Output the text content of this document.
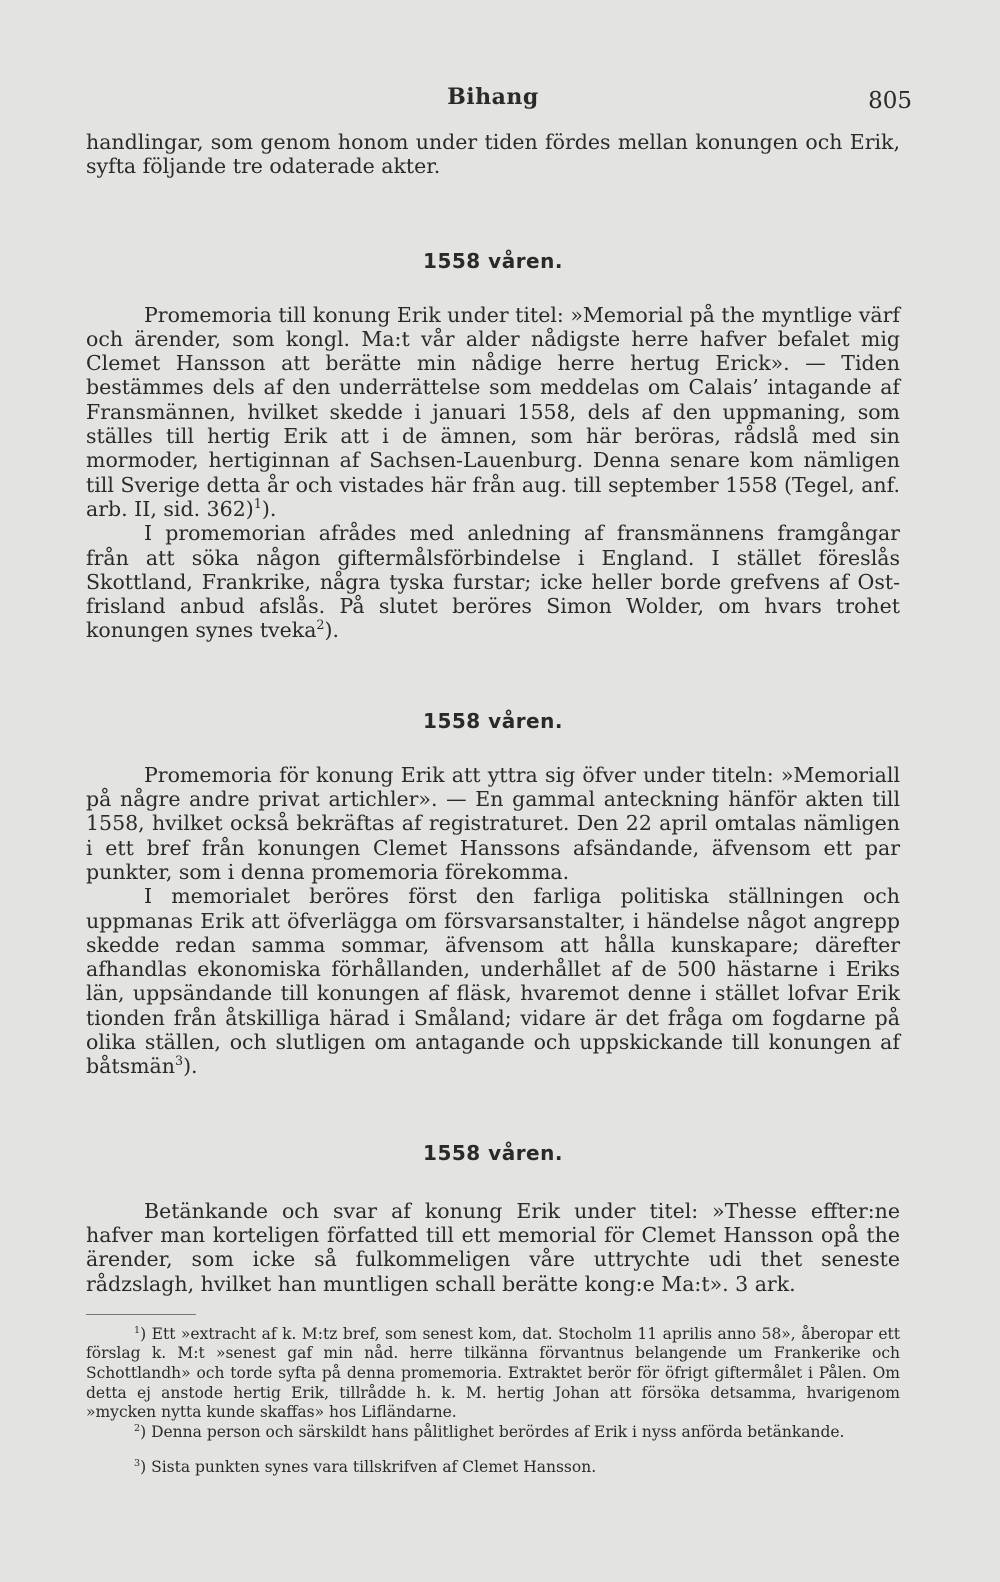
Bihang	805

handlingar, som genom honom under tiden fördes mellan konungen och Erik, syfta följande tre odaterade akter.

1558 våren.

Promemoria till konung Erik under titel: »Memorial på the myntlige värf och ärender, som kongl. Ma:t vår alder nådigste herre hafver befalet mig Clemet Hansson att berätte min nådige herre hertug Erick». — Tiden bestämmes dels af den underrättelse som meddelas om Calais’ intagande af Fransmännen, hvilket skedde i januari 1558, dels af den uppmaning, som ställes till hertig Erik att i de ämnen, som här beröras, rådslå med sin mormoder, hertiginnan af Sachsen-Lauenburg. Denna senare kom nämligen till Sverige detta år och vistades här från aug. till september 1558 (Tegel, anf. arb. II, sid. 362)$^1$).

I promemorian afrådes med anledning af fransmännens framgångar från att söka någon giftermålsförbindelse i England. I stället föreslås Skottland, Frankrike, några tyska furstar; icke heller borde grefvens af Ost-frisland anbud afslås. På slutet beröres Simon Wolder, om hvars trohet konungen synes tveka$^2$).

1558 våren.

Promemoria för konung Erik att yttra sig öfver under titeln: »Memoriall på någre andre privat artichler». — En gammal anteckning hänför akten till 1558, hvilket också bekräftas af registraturet. Den 22 april omtalas nämligen i ett bref från konungen Clemet Hanssons afsändande, äfvensom ett par punkter, som i denna promemoria förekomma.

I memorialet beröres först den farliga politiska ställningen och uppmanas Erik att öfverlägga om försvarsanstalter, i händelse något angrepp skedde redan samma sommar, äfvensom att hålla kunskapare; därefter afhandlas ekonomiska förhållanden, underhållet af de 500 hästarne i Eriks län, uppsändande till konungen af fläsk, hvaremot denne i stället lofvar Erik tionden från åtskilliga härad i Småland; vidare är det fråga om fogdarne på olika ställen, och slutligen om antagande och uppskickande till konungen af båtsmän$^3$).

1558 våren.

Betänkande och svar af konung Erik under titel: »Thesse effter:ne hafver man korteligen författed till ett memorial för Clemet Hansson opå the ärender, som icke så fulkommeligen våre uttrychte udi thet seneste rådzslagh, hvilket han muntligen schall berätte kong:e Ma:t». 3 ark.

$^1$) Ett »extracht af k. M:tz bref, som senest kom, dat. Stocholm 11 aprilis anno 58», åberopar ett förslag k. M:t »senest gaf min nåd. herre tilkänna förvantnus belangende um Frankerike och Schottlandh» och torde syfta på denna promemoria. Extraktet berör för öfrigt giftermålet i Pålen. Om detta ej anstode hertig Erik, tillrådde h. k. M. hertig Johan att försöka detsamma, hvarigenom »mycken nytta kunde skaffas» hos Lifländarne.

$^2$) Denna person och särskildt hans pålitlighet berördes af Erik i nyss anförda betänkande.

$^3$) Sista punkten synes vara tillskrifven af Clemet Hansson.
